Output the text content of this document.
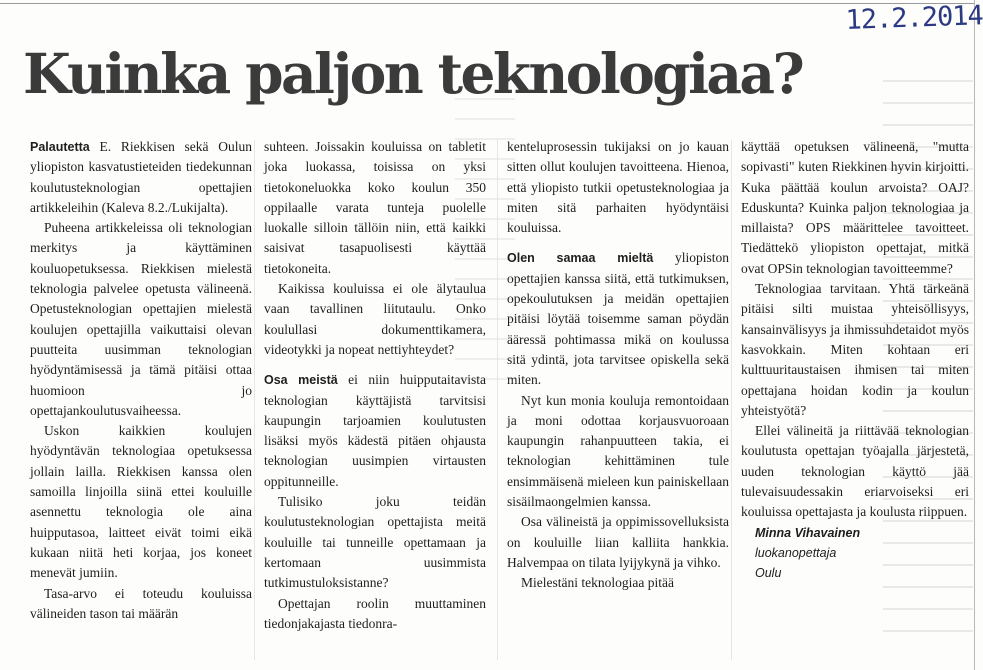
12.2.2014
Kuinka paljon teknologiaa?

Palautetta E. Riekkisen sekä Oulun yliopiston kasvatustieteiden tiedekunnan koulutusteknologian opettajien artikkeleihin (Kaleva 8.2./Lukijalta).

Puheena artikkeleissa oli teknologian merkitys ja käyttäminen kouluopetuksessa. Riekkisen mielestä teknologia palvelee opetusta välineenä. Opetusteknologian opettajien mielestä koulujen opettajilla vaikuttaisi olevan puutteita uusimman teknologian hyödyntämisessä ja tämä pitäisi ottaa huomioon jo opettajankoulutusvaiheessa.

Uskon kaikkien koulujen hyödyntävän teknologiaa opetuksessa jollain lailla. Riekkisen kanssa olen samoilla linjoilla siinä ettei kouluille asennettu teknologia ole aina huipputasoa, laitteet eivät toimi eikä kukaan niitä heti korjaa, jos koneet menevät jumiin.

Tasa-arvo ei toteudu kouluissa välineiden tason tai määrän

suhteen. Joissakin kouluissa on tabletit joka luokassa, toisissa on yksi tietokoneluokka koko koulun 350 oppilaalle varata tunteja puolelle luokalle silloin tällöin niin, että kaikki saisivat tasapuolisesti käyttää tietokoneita.

Kaikissa kouluissa ei ole älytaulua vaan tavallinen liitutaulu. Onko koulullasi dokumenttikamera, videotykki ja nopeat nettiyhteydet?

Osa meistä ei niin huipputaitavista teknologian käyttäjistä tarvitsisi kaupungin tarjoamien koulutusten lisäksi myös kädestä pitäen ohjausta teknologian uusimpien virtausten oppitunneille.

Tulisiko joku teidän koulutusteknologian opettajista meitä kouluille tai tunneille opettamaan ja kertomaan uusimmista tutkimustuloksistanne?

Opettajan roolin muuttaminen tiedonjakajasta tiedonra-

kenteluprosessin tukijaksi on jo kauan sitten ollut koulujen tavoitteena. Hienoa, että yliopisto tutkii opetusteknologiaa ja miten sitä parhaiten hyödyntäisi kouluissa.

Olen samaa mieltä yliopiston opettajien kanssa siitä, että tutkimuksen, opekoulutuksen ja meidän opettajien pitäisi löytää toisemme saman pöydän ääressä pohtimassa mikä on koulussa sitä ydintä, jota tarvitsee opiskella sekä miten.

Nyt kun monia kouluja remontoidaan ja moni odottaa korjausvuoroaan kaupungin rahanpuutteen takia, ei teknologian kehittäminen tule ensimmäisenä mieleen kun painiskellaan sisäilmaongelmien kanssa.

Osa välineistä ja oppimissovelluksista on kouluille liian kalliita hankkia. Halvempaa on tilata lyijykynä ja vihko.

Mielestäni teknologiaa pitää

käyttää opetuksen välineenä, "mutta sopivasti" kuten Riekkinen hyvin kirjoitti. Kuka päättää koulun arvoista? OAJ? Eduskunta? Kuinka paljon teknologiaa ja millaista? OPS määrittelee tavoitteet. Tiedättekö yliopiston opettajat, mitkä ovat OPSin teknologian tavoitteemme?

Teknologiaa tarvitaan. Yhtä tärkeänä pitäisi silti muistaa yhteisöllisyys, kansainvälisyys ja ihmissuhdetaidot myös kasvokkain. Miten kohtaan eri kulttuuritaustaisen ihmisen tai miten opettajana hoidan kodin ja koulun yhteistyötä?

Ellei välineitä ja riittävää teknologian koulutusta opettajan työajalla järjestetä, uuden teknologian käyttö jää tulevaisuudessakin eriarvoiseksi eri kouluissa opettajasta ja koulusta riippuen.

Minna Vihavainen

luokanopettaja

Oulu
